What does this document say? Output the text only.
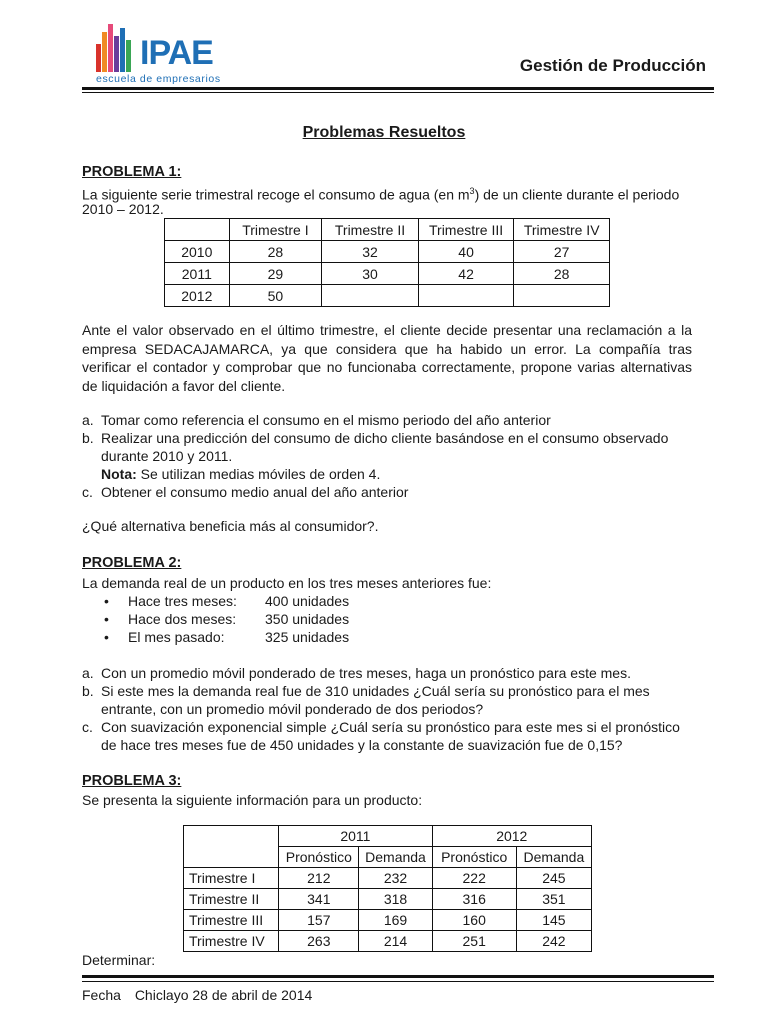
IPAE
escuela de empresarios
Gestión de Producción
Problemas Resueltos
PROBLEMA 1:
La siguiente serie trimestral recoge el consumo de agua (en $m^3$) de un cliente durante el periodo
2010 – 2012.
	Trimestre I	Trimestre II	Trimestre III	Trimestre IV
2010	28	32	40	27
2011	29	30	42	28
2012	50			
Ante el valor observado en el último trimestre, el cliente decide presentar una reclamación a la empresa SEDACAJAMARCA, ya que considera que ha habido un error. La compañía tras verificar el contador y comprobar que no funcionaba correctamente, propone varias alternativas de liquidación a favor del cliente.
a. Tomar como referencia el consumo en el mismo periodo del año anterior
b. Realizar una predicción del consumo de dicho cliente basándose en el consumo observado
durante 2010 y 2011.
Nota: Se utilizan medias móviles de orden 4.
c. Obtener el consumo medio anual del año anterior
¿Qué alternativa beneficia más al consumidor?.
PROBLEMA 2:
La demanda real de un producto en los tres meses anteriores fue:
• Hace tres meses: 400 unidades
• Hace dos meses: 350 unidades
• El mes pasado:	325 unidades
a. Con un promedio móvil ponderado de tres meses, haga un pronóstico para este mes.
b. Si este mes la demanda real fue de 310 unidades ¿Cuál sería su pronóstico para el mes
entrante, con un promedio móvil ponderado de dos periodos?
c. Con suavización exponencial simple ¿Cuál sería su pronóstico para este mes si el pronóstico
de hace tres meses fue de 450 unidades y la constante de suavización fue de 0,15?
PROBLEMA 3:
Se presenta la siguiente información para un producto:
	2011		2012	
	Pronóstico	Demanda	Pronóstico	Demanda
Trimestre I	212	232	222	245
Trimestre II	341	318	316	351
Trimestre III	157	169	160	145
Trimestre IV	263	214	251	242
Determinar:
Fecha Chiclayo 28 de abril de 2014
